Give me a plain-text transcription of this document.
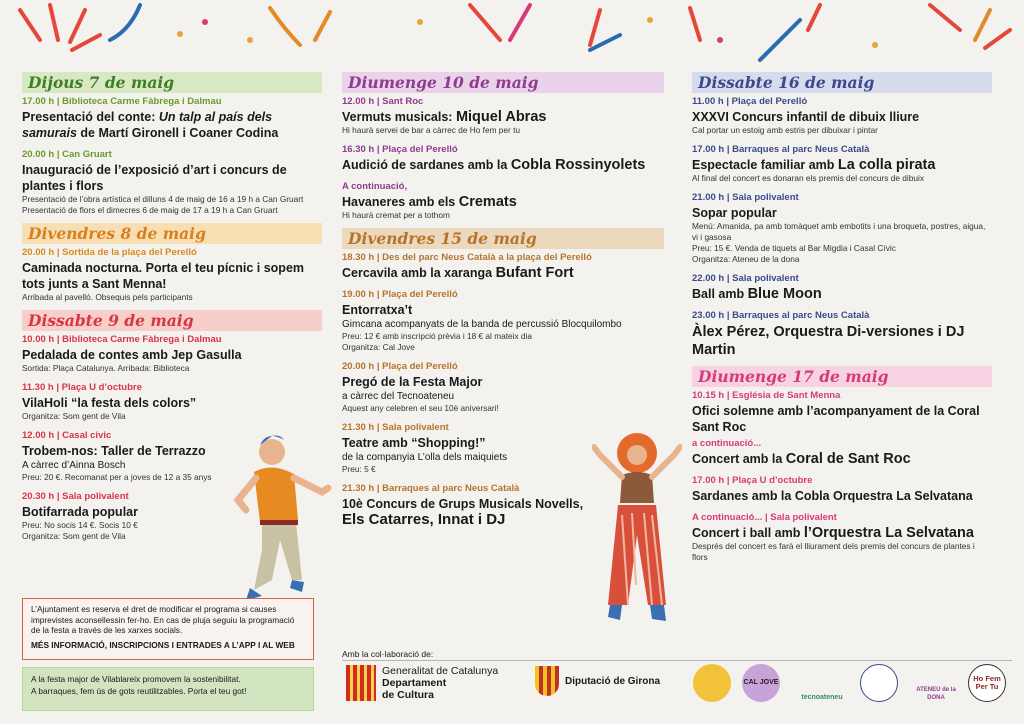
Dijous 7 de maig
17.00 h | Biblioteca Carme Fàbrega i Dalmau
Presentació del conte: Un talp al país dels samurais de Martí Gironell i Coaner Codina
20.00 h | Can Gruart
Inauguració de l’exposició d’art i concurs de plantes i flors
Presentació de l’obra artística el dilluns 4 de maig de 16 a 19 h a Can Gruart
Presentació de flors el dimecres 6 de maig de 17 a 19 h a Can Gruart
Divendres 8 de maig
20.00 h | Sortida de la plaça del Perelló
Caminada nocturna. Porta el teu pícnic i sopem tots junts a Sant Menna!
Arribada al pavelló. Obsequis pels participants
Dissabte 9 de maig
10.00 h | Biblioteca Carme Fàbrega i Dalmau
Pedalada de contes amb Jep Gasulla
Sortida: Plaça Catalunya. Arribada: Biblioteca
11.30 h | Plaça U d’octubre
VilaHoli “la festa dels colors”
Organitza: Som gent de Vila
12.00 h | Casal cívic
Trobem-nos: Taller de Terrazzo
A càrrec d’Ainna Bosch
Preu: 20 €. Recomanat per a joves de 12 a 35 anys
20.30 h | Sala polivalent
Botifarrada popular
Preu: No socis 14 €. Socis 10 €
Organitza: Som gent de Vila
Diumenge 10 de maig
12.00 h | Sant Roc
Vermuts musicals: Miquel Abras
Hi haurà servei de bar a càrrec de Ho fem per tu
16.30 h | Plaça del Perelló
Audició de sardanes amb la Cobla Rossinyolets
A continuació,
Havaneres amb els Cremats
Hi haurà cremat per a tothom
Divendres 15 de maig
18.30 h | Des del parc Neus Català a la plaça del Perelló
Cercavila amb la xaranga Bufant Fort
19.00 h | Plaça del Perelló
Entorratxa’t
Gimcana acompanyats de la banda de percussió Blocquilombo
Preu: 12 € amb inscripció prèvia i 18 € al mateix dia
Organitza: Cal Jove
20.00 h | Plaça del Perelló
Pregó de la Festa Major
a càrrec del Tecnoateneu
Aquest any celebren el seu 10è aniversari!
21.30 h | Sala polivalent
Teatre amb “Shopping!”
de la companyia L’olla dels maiquiets
Preu: 5 €
21.30 h | Barraques al parc Neus Català
10è Concurs de Grups Musicals Novells,
Els Catarres, Innat i DJ
Dissabte 16 de maig
11.00 h | Plaça del Perelló
XXXVI Concurs infantil de dibuix lliure
Cal portar un estoig amb estris per dibuixar i pintar
17.00 h | Barraques al parc Neus Català
Espectacle familiar amb La colla pirata
Al final del concert es donaran els premis del concurs de dibuix
21.00 h | Sala polivalent
Sopar popular
Menú: Amanida, pa amb tomàquet amb embotits i una broqueta, postres, aigua, vi i gasosa
Preu: 15 €. Venda de tiquets al Bar Migdia i Casal Cívic
Organitza: Ateneu de la dona
22.00 h | Sala polivalent
Ball amb Blue Moon
23.00 h | Barraques al parc Neus Català
Àlex Pérez, Orquestra Di-versiones i DJ Martin
Diumenge 17 de maig
10.15 h | Església de Sant Menna
Ofici solemne amb l’acompanyament de la Coral Sant Roc
a continuació...
Concert amb la Coral de Sant Roc
17.00 h | Plaça U d’octubre
Sardanes amb la Cobla Orquestra La Selvatana
A continuació... | Sala polivalent
Concert i ball amb l’Orquestra La Selvatana
Després del concert es farà el lliurament dels premis del concurs de plantes i flors
L’Ajuntament es reserva el dret de modificar el programa si causes imprevistes aconsellessin fer-ho. En cas de pluja seguiu la programació de la festa a través de les xarxes socials.
MÉS INFORMACIÓ, INSCRIPCIONS I ENTRADES A L’APP I AL WEB
A la festa major de Vilablareix promovem la sostenibilitat.
A barraques, fem ús de gots reutilitzables. Porta el teu got!
Amb la col·laboració de:
Generalitat de Catalunya
Departament
de Cultura
Diputació de Girona	CAL JOVE
tecnoateneu
ATENEU de la DONA
Ho Fem Per Tu
